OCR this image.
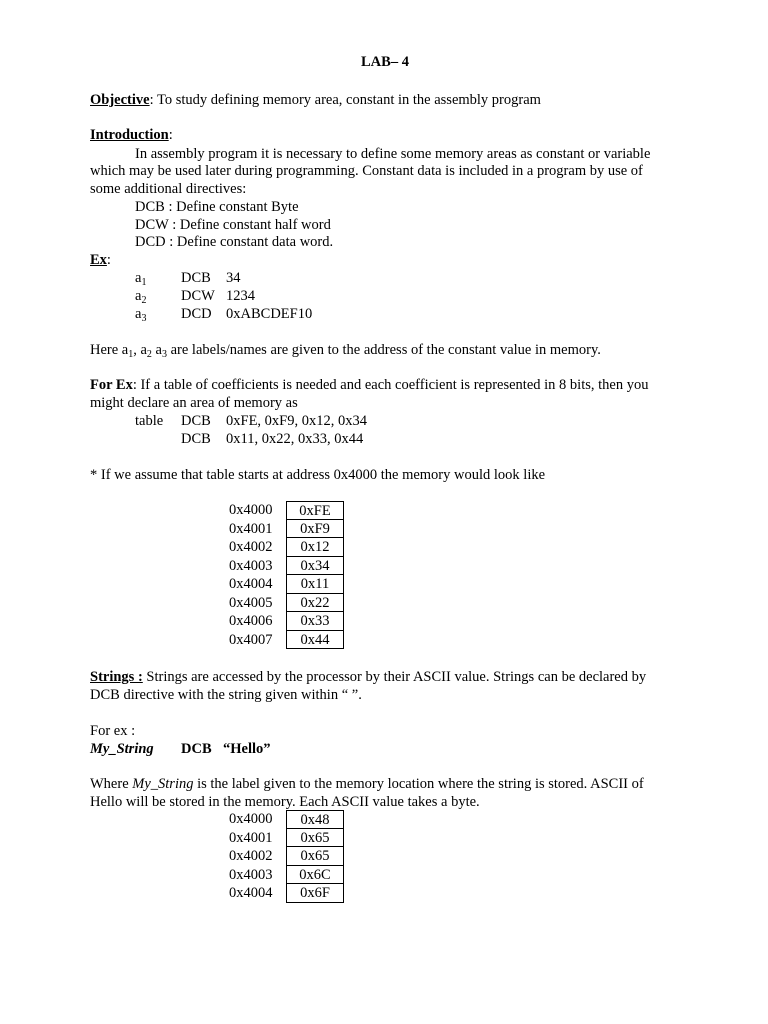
LAB– 4
Objective: To study defining memory area, constant in the assembly program
Introduction:
In assembly program it is necessary to define some memory areas as constant or variable
which may be used later during programming. Constant data is included in a program by use of
some additional directives:
DCB : Define constant Byte
DCW : Define constant half word
DCD : Define constant data word.
Ex:
$a_1$ DCB 34
$a_2$ DCW 1234
$a_3$ DCD 0xABCDEF10
Here $a_1$, $a_2$ $a_3$ are labels/names are given to the address of the constant value in memory.
For Ex: If a table of coefficients is needed and each coefficient is represented in 8 bits, then you
might declare an area of memory as
table DCB 0xFE, 0xF9, 0x12, 0x34
DCB 0x11, 0x22, 0x33, 0x44
* If we assume that table starts at address 0x4000 the memory would look like
0x4000	0xFE
0x4001	0xF9
0x4002	0x12
0x4003	0x34
0x4004	0x11
0x4005	0x22
0x4006	0x33
0x4007	0x44
Strings : Strings are accessed by the processor by their ASCII value. Strings can be declared by
DCB directive with the string given within “ ”.
For ex :
My_String DCB “Hello”
Where My_String is the label given to the memory location where the string is stored. ASCII of
Hello will be stored in the memory. Each ASCII value takes a byte.
0x4000	0x48
0x4001	0x65
0x4002	0x65
0x4003	0x6C
0x4004	0x6F
